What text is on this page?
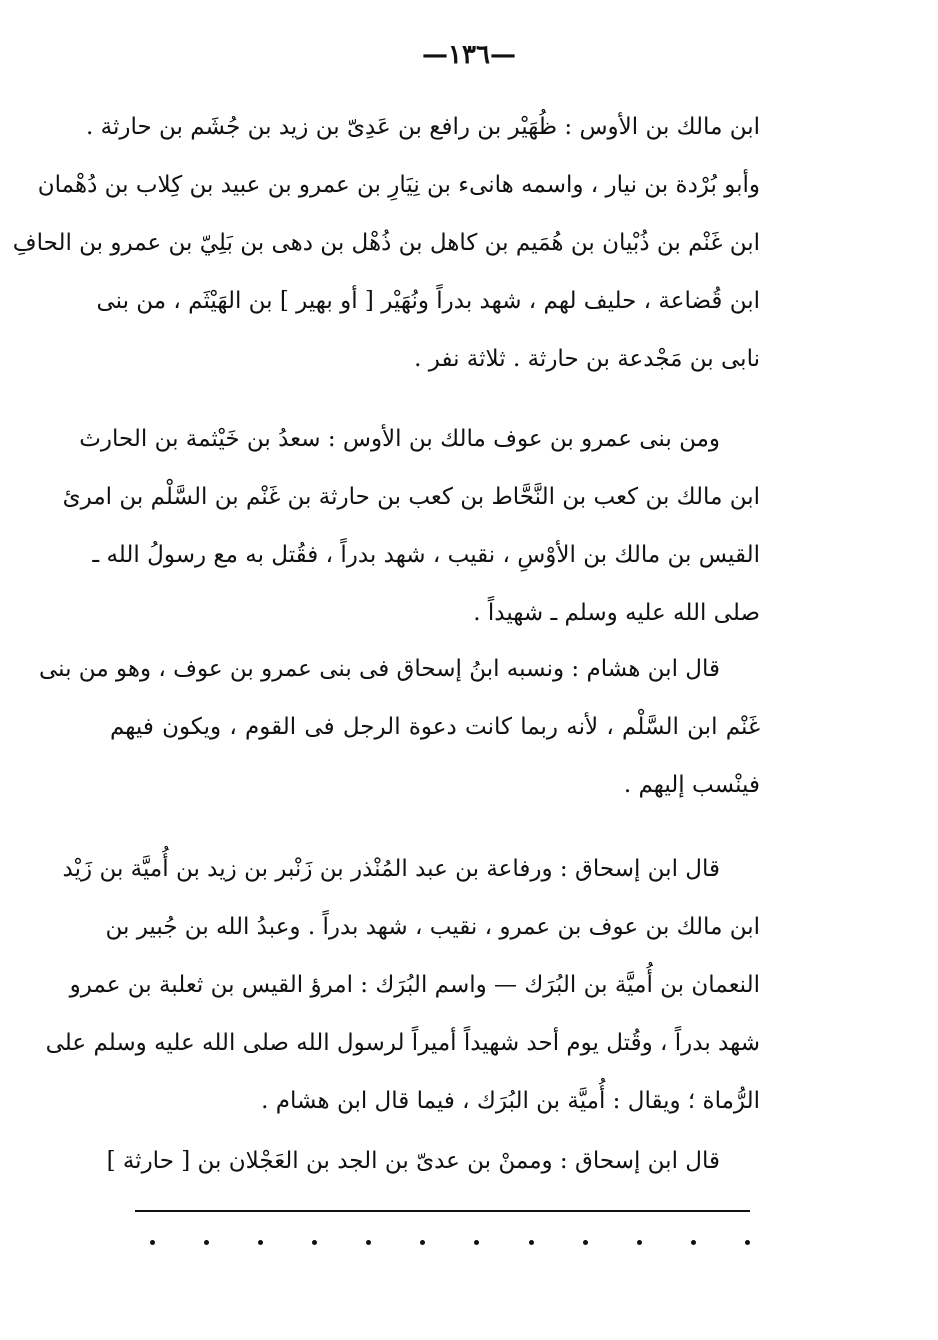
—١٣٦—
ابن مالك بن الأوس : ظُهَيْر بن رافع بن عَدِىّ بن زيد بن جُشَم بن حارثة .
وأبو بُرْدة بن نيار ، واسمه هانىء بن نِيَارِ بن عمرو بن عبيد بن كِلاب بن دُهْمان
ابن غَنْم بن ذُبْيان بن هُمَيم بن كاهل بن ذُهْل بن دهى بن بَلِيّ بن عمرو بن الحافِ
ابن قُضاعة ، حليف لهم ، شهد بدراً ونُهَيْر [ أو بهير ] بن الهَيْثَم ، من بنى
نابى بن مَجْدعة بن حارثة . ثلاثة نفر .
ومن بنى عمرو بن عوف مالك بن الأوس : سعدُ بن خَيْثمة بن الحارث
ابن مالك بن كعب بن النَّحَّاط بن كعب بن حارثة بن غَنْم بن السَّلْم بن امرئ
القيس بن مالك بن الأوْسِ ، نقيب ، شهد بدراً ، فقُتل به مع رسولُ الله ـ
صلى الله عليه وسلم ـ شهيداً .
قال ابن هشام : ونسبه ابنُ إسحاق فى بنى عمرو بن عوف ، وهو من بنى
غَنْم ابن السَّلْم ، لأنه ربما كانت دعوة الرجل فى القوم ، ويكون فيهم
فينْسب إليهم .
قال ابن إسحاق : ورفاعة بن عبد المُنْذر بن زَنْبر بن زيد بن أُميَّة بن زَيْد
ابن مالك بن عوف بن عمرو ، نقيب ، شهد بدراً . وعبدُ الله بن جُبير بن
النعمان بن أُميَّة بن البُرَك — واسم البُرَك : امرؤ القيس بن ثعلبة بن عمرو
شهد بدراً ، وقُتل يوم أحد شهيداً أميراً لرسول الله صلى الله عليه وسلم على
الرُّماة ؛ ويقال : أُميَّة بن البُرَك ، فيما قال ابن هشام .
قال ابن إسحاق : وممنْ بن عدىّ بن الجد بن العَجْلان بن [ حارثة ]
